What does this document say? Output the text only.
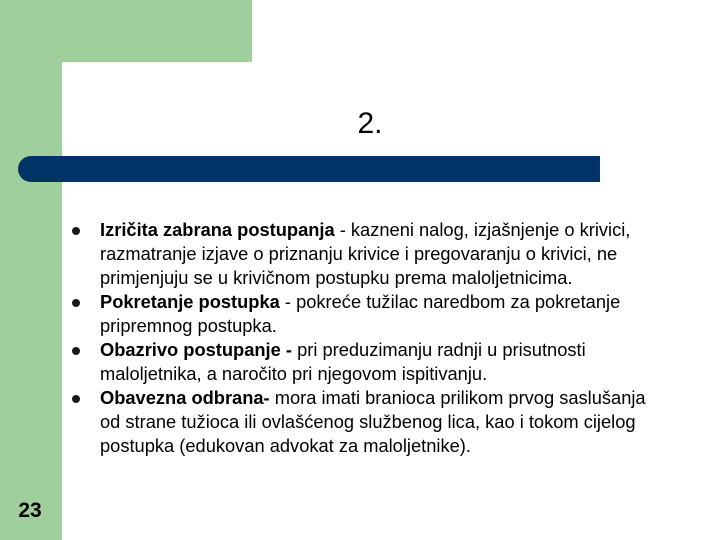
2.
Izričita zabrana postupanja - kazneni nalog, izjašnjenje o krivici, razmatranje izjave o priznanju krivice i pregovaranju o krivici, ne primjenjuju se u krivičnom postupku prema maloljetnicima.
Pokretanje postupka - pokreće tužilac naredbom za pokretanje pripremnog postupka.
Obazrivo postupanje - pri preduzimanju radnji u prisutnosti maloljetnika, a naročito pri njegovom ispitivanju.
Obavezna odbrana- mora imati branioca prilikom prvog saslušanja od strane tužioca ili ovlašćenog službenog lica, kao i tokom cijelog postupka (edukovan advokat za maloljetnike).
23
